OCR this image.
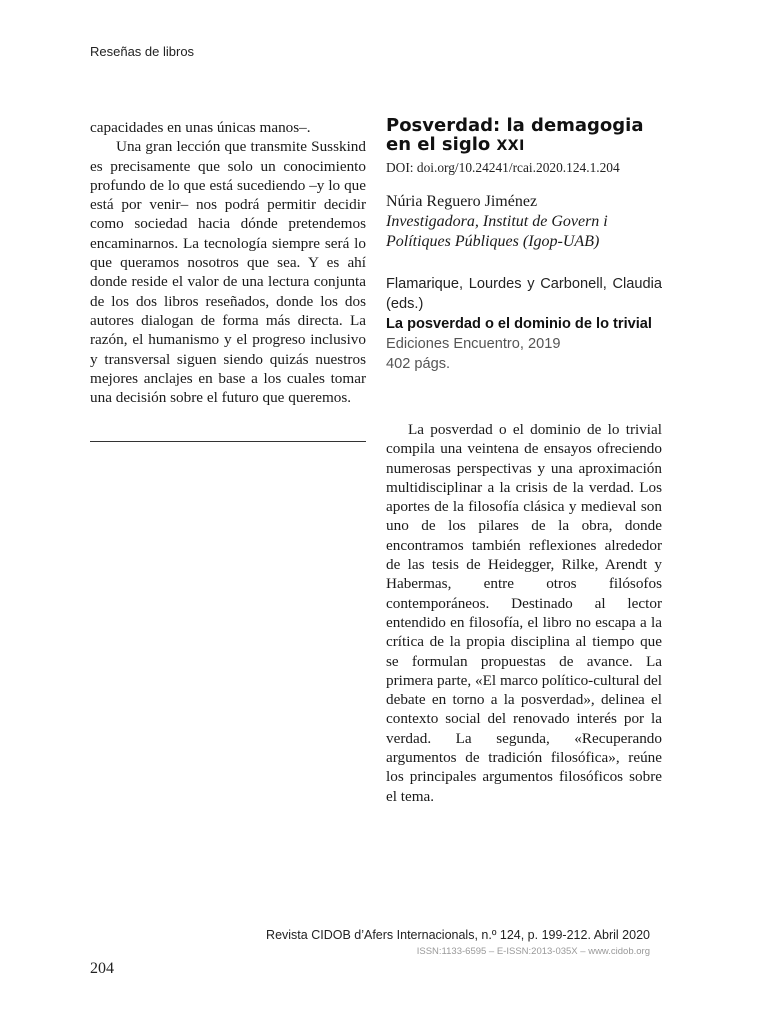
Reseñas de libros

capacidades en unas únicas manos–.

Una gran lección que transmite Susskind es precisamente que solo un conocimiento profundo de lo que está sucediendo –y lo que está por venir– nos podrá permitir decidir como sociedad hacia dónde pretendemos encaminarnos. La tecnología siempre será lo que queramos nosotros que sea. Y es ahí donde reside el valor de una lectura conjunta de los dos libros reseñados, donde los dos autores dialogan de forma más directa. La razón, el humanismo y el progreso inclusivo y transversal siguen siendo quizás nuestros mejores anclajes en base a los cuales tomar una decisión sobre el futuro que queremos.

Posverdad: la demagogia en el siglo XXI

DOI: doi.org/10.24241/rcai.2020.124.1.204

Núria Reguero Jiménez

Investigadora, Institut de Govern i Polítiques Públiques (Igop-UAB)

Flamarique, Lourdes y Carbonell, Claudia (eds.)

La posverdad o el dominio de lo trivial

Ediciones Encuentro, 2019

402 págs.

La posverdad o el dominio de lo trivial compila una veintena de ensayos ofreciendo numerosas perspectivas y una aproximación multidisciplinar a la crisis de la verdad. Los aportes de la filosofía clásica y medieval son uno de los pilares de la obra, donde encontramos también reflexiones alrededor de las tesis de Heidegger, Rilke, Arendt y Habermas, entre otros filósofos contemporáneos. Destinado al lector entendido en filosofía, el libro no escapa a la crítica de la propia disciplina al tiempo que se formulan propuestas de avance. La primera parte, «El marco político-cultural del debate en torno a la posverdad», delinea el contexto social del renovado interés por la verdad. La segunda, «Recuperando argumentos de tradición filosófica», reúne los principales argumentos filosóficos sobre el tema.

Revista CIDOB d’Afers Internacionals, n.º 124, p. 199-212. Abril 2020
ISSN:1133-6595 – E-ISSN:2013-035X – www.cidob.org
204
